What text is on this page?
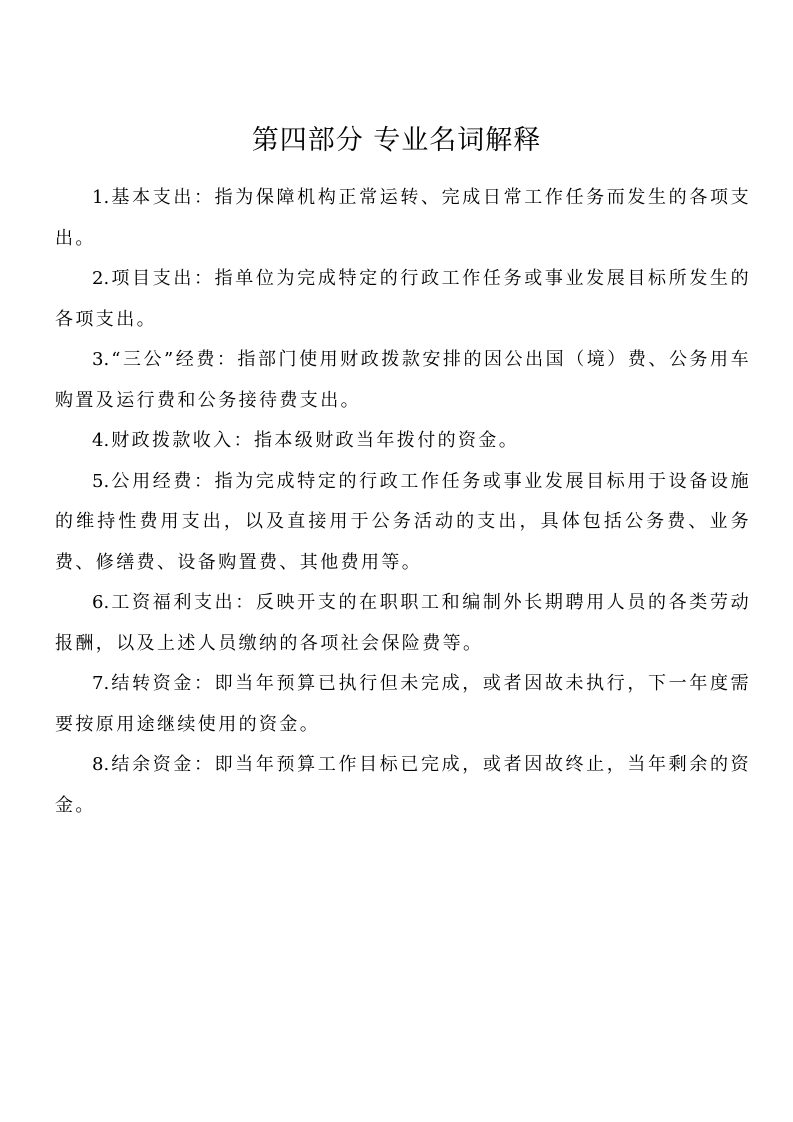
第四部分 专业名词解释

1. 基本支出：指为保障机构正常运转、完成日常工作任务而发生的各项支出。

2. 项目支出：指单位为完成特定的行政工作任务或事业发展目标所发生的各项支出。

3. “三公”经费：指部门使用财政拨款安排的因公出国（境）费、公务用车购置及运行费和公务接待费支出。

4. 财政拨款收入：指本级财政当年拨付的资金。

5. 公用经费：指为完成特定的行政工作任务或事业发展目标用于设备设施的维持性费用支出，以及直接用于公务活动的支出，具体包括公务费、业务费、修缮费、设备购置费、其他费用等。

6. 工资福利支出：反映开支的在职职工和编制外长期聘用人员的各类劳动报酬，以及上述人员缴纳的各项社会保险费等。

7. 结转资金：即当年预算已执行但未完成，或者因故未执行，下一年度需要按原用途继续使用的资金。

8. 结余资金：即当年预算工作目标已完成，或者因故终止，当年剩余的资金。
